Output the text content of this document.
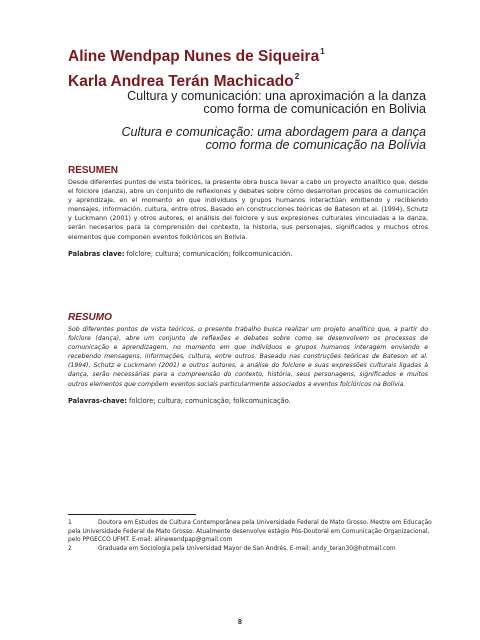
Aline Wendpap Nunes de Siqueira$^1$
Karla Andrea Terán Machicado$^2$
Cultura y comunicación: una aproximación a la danza
como forma de comunicación en Bolivia
Cultura e comunicação: uma abordagem para a dança
como forma de comunicação na Bolívia
RESUMEN
Desde diferentes puntos de vista teóricos, la presente obra busca llevar a cabo un proyecto analítico que, desde el folclore (danza), abre un conjunto de reflexiones y debates sobre cómo desarrollan procesos de comunicación y aprendizaje, en el momento en que individuos y grupos humanos interactúan emitiendo y recibiendo mensajes, información, cultura, entre otros. Basado en construcciones teóricas de Bateson et al. (1994), Schutz y Luckmann (2001) y otros autores, el análisis del folclore y sus expresiones culturales vinculadas a la danza, serán necesarios para la comprensión del contexto, la historia, sus personajes, significados y muchos otros elementos que componen eventos folklóricos en Bolivia.
Palabras clave: folclore; cultura; comunicación; folkcomunicación.
RESUMO
Sob diferentes pontos de vista teóricos, o presente trabalho busca realizar um projeto analítico que, a partir do folclore (dança), abre um conjunto de reflexões e debates sobre como se desenvolvem os processos de comunicação e aprendizagem, no momento em que indivíduos e grupos humanos interagem enviando e recebendo mensagens, informações, cultura, entre outros. Baseado nas construções teóricas de Bateson et al. (1994), Schutz e Luckmann (2001) e outros autores, a análise do folclore e suas expressões culturais ligadas à dança, serão necessárias para a compreensão do contexto, história, seus personagens, significados e muitos outros elementos que compõem eventos sociais particularmente associados a eventos folclóricos na Bolívia.
Palavras-chave: folclore; cultura; comunicação; folkcomunicação.
1	Doutora em Estudos de Cultura Contemporânea pela Universidade Federal de Mato Grosso. Mestre em Educação pela Universidade Federal de Mato Grosso. Atualmente desenvolve estágio Pós-Doutoral em Comunicação Organizacional, pelo PPGECCO UFMT. E-mail: alinewendpap@gmail.com
2	Graduada em Sociología pela Universidad Mayor de San Andrés. E-mail: andy_teran30@hotmail.com
8
